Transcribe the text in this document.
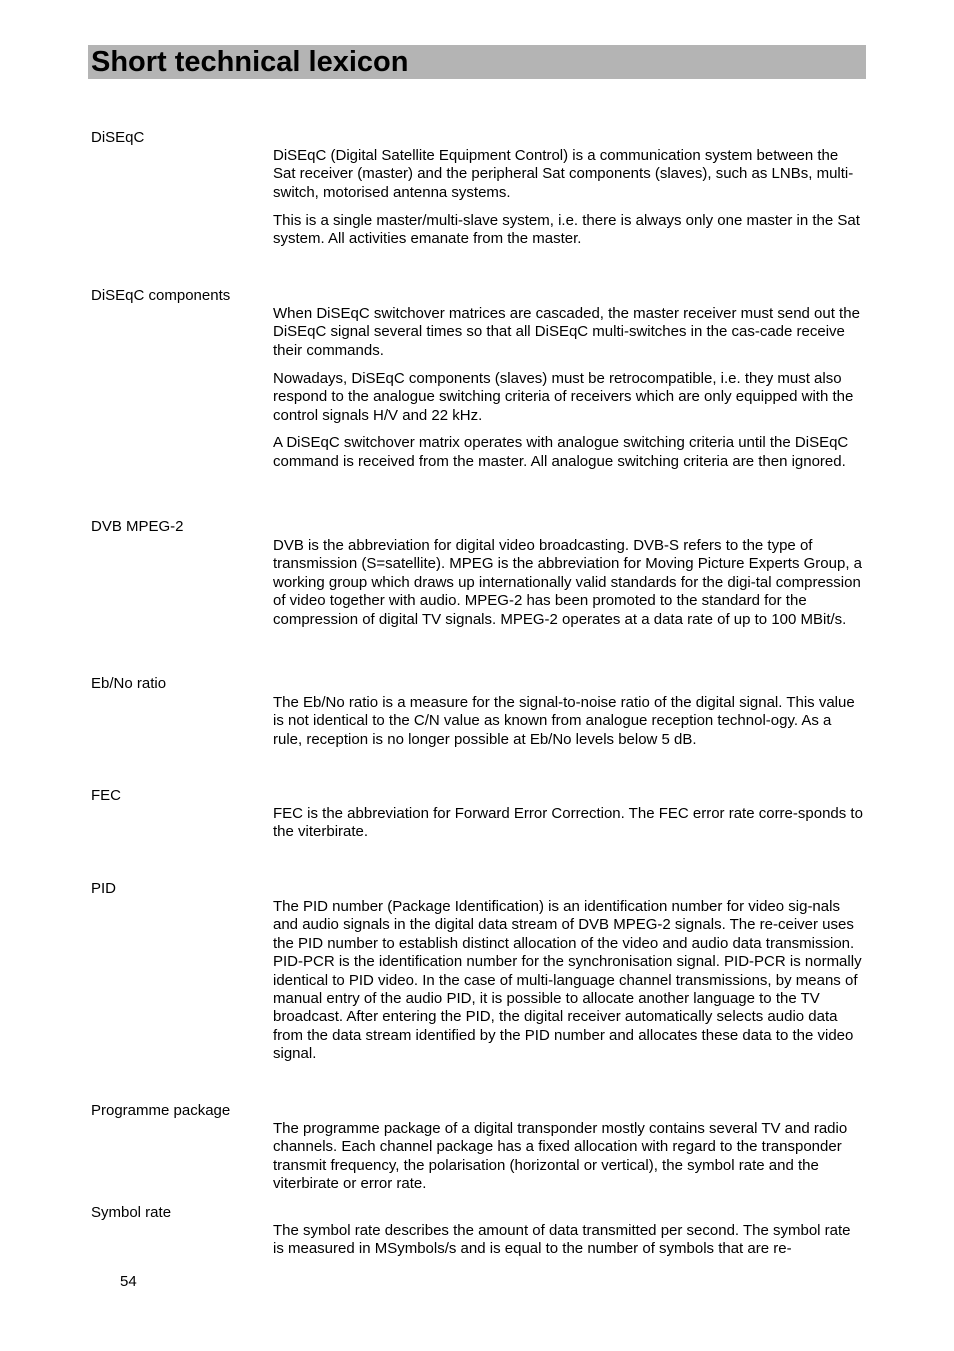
Short technical lexicon
DiSEqC

DiSEqC (Digital Satellite Equipment Control) is a communication system between the Sat receiver (master) and the peripheral Sat components (slaves), such as LNBs, multi-switch, motorised antenna systems.

This is a single master/multi-slave system, i.e. there is always only one master in the Sat system. All activities emanate from the master.

DiSEqC components

When DiSEqC switchover matrices are cascaded, the master receiver must send out the DiSEqC signal several times so that all DiSEqC multi-switches in the cas-cade receive their commands.

Nowadays, DiSEqC components (slaves) must be retrocompatible, i.e. they must also respond to the analogue switching criteria of receivers which are only equipped with the control signals H/V and 22 kHz.

A DiSEqC switchover matrix operates with analogue switching criteria until the DiSEqC command is received from the master. All analogue switching criteria are then ignored.

DVB MPEG-2

DVB is the abbreviation for digital video broadcasting. DVB-S refers to the type of transmission (S=satellite). MPEG is the abbreviation for Moving Picture Experts Group, a working group which draws up internationally valid standards for the digi-tal compression of video together with audio. MPEG-2 has been promoted to the standard for the compression of digital TV signals. MPEG-2 operates at a data rate of up to 100 MBit/s.

Eb/No ratio

The Eb/No ratio is a measure for the signal-to-noise ratio of the digital signal. This value is not identical to the C/N value as known from analogue reception technol-ogy. As a rule, reception is no longer possible at Eb/No levels below 5 dB.

FEC

FEC is the abbreviation for Forward Error Correction. The FEC error rate corre-sponds to the viterbirate.

PID

The PID number (Package Identification) is an identification number for video sig-nals and audio signals in the digital data stream of DVB MPEG-2 signals. The re-ceiver uses the PID number to establish distinct allocation of the video and audio data transmission. PID-PCR is the identification number for the synchronisation signal. PID-PCR is normally identical to PID video. In the case of multi-language channel transmissions, by means of manual entry of the audio PID, it is possible to allocate another language to the TV broadcast. After entering the PID, the digital receiver automatically selects audio data from the data stream identified by the PID number and allocates these data to the video signal.

Programme package

The programme package of a digital transponder mostly contains several TV and radio channels. Each channel package has a fixed allocation with regard to the transponder transmit frequency, the polarisation (horizontal or vertical), the symbol rate and the viterbirate or error rate.

Symbol rate

The symbol rate describes the amount of data transmitted per second. The symbol rate is measured in MSymbols/s and is equal to the number of symbols that are re-

54
